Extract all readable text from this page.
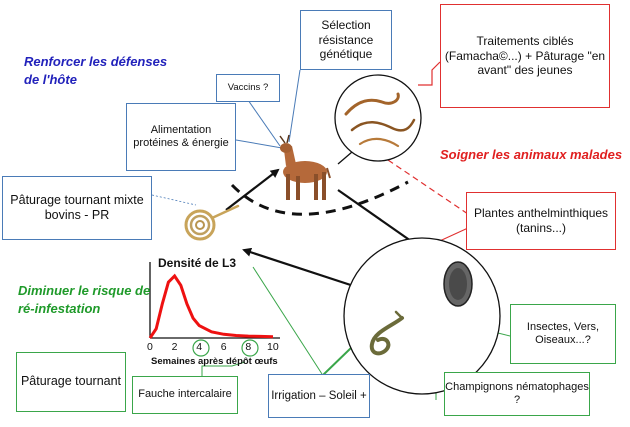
Renforcer les défenses de l'hôte
Soigner les animaux malades
Diminuer le risque de ré-infestation
Sélection résistance génétique
Vaccins ?
Alimentation protéines & énergie
Traitements ciblés (Famacha©...) + Pâturage "en avant" des jeunes
Plantes anthelminthiques (tanins...)
Pâturage tournant mixte bovins - PR
Insectes, Vers, Oiseaux...?
Champignons nématophages ?
Pâturage tournant
Fauche intercalaire	Irrigation – Soleil +
Densité de L3
0 2 4 6 8 10
Semaines après dépôt œufs
